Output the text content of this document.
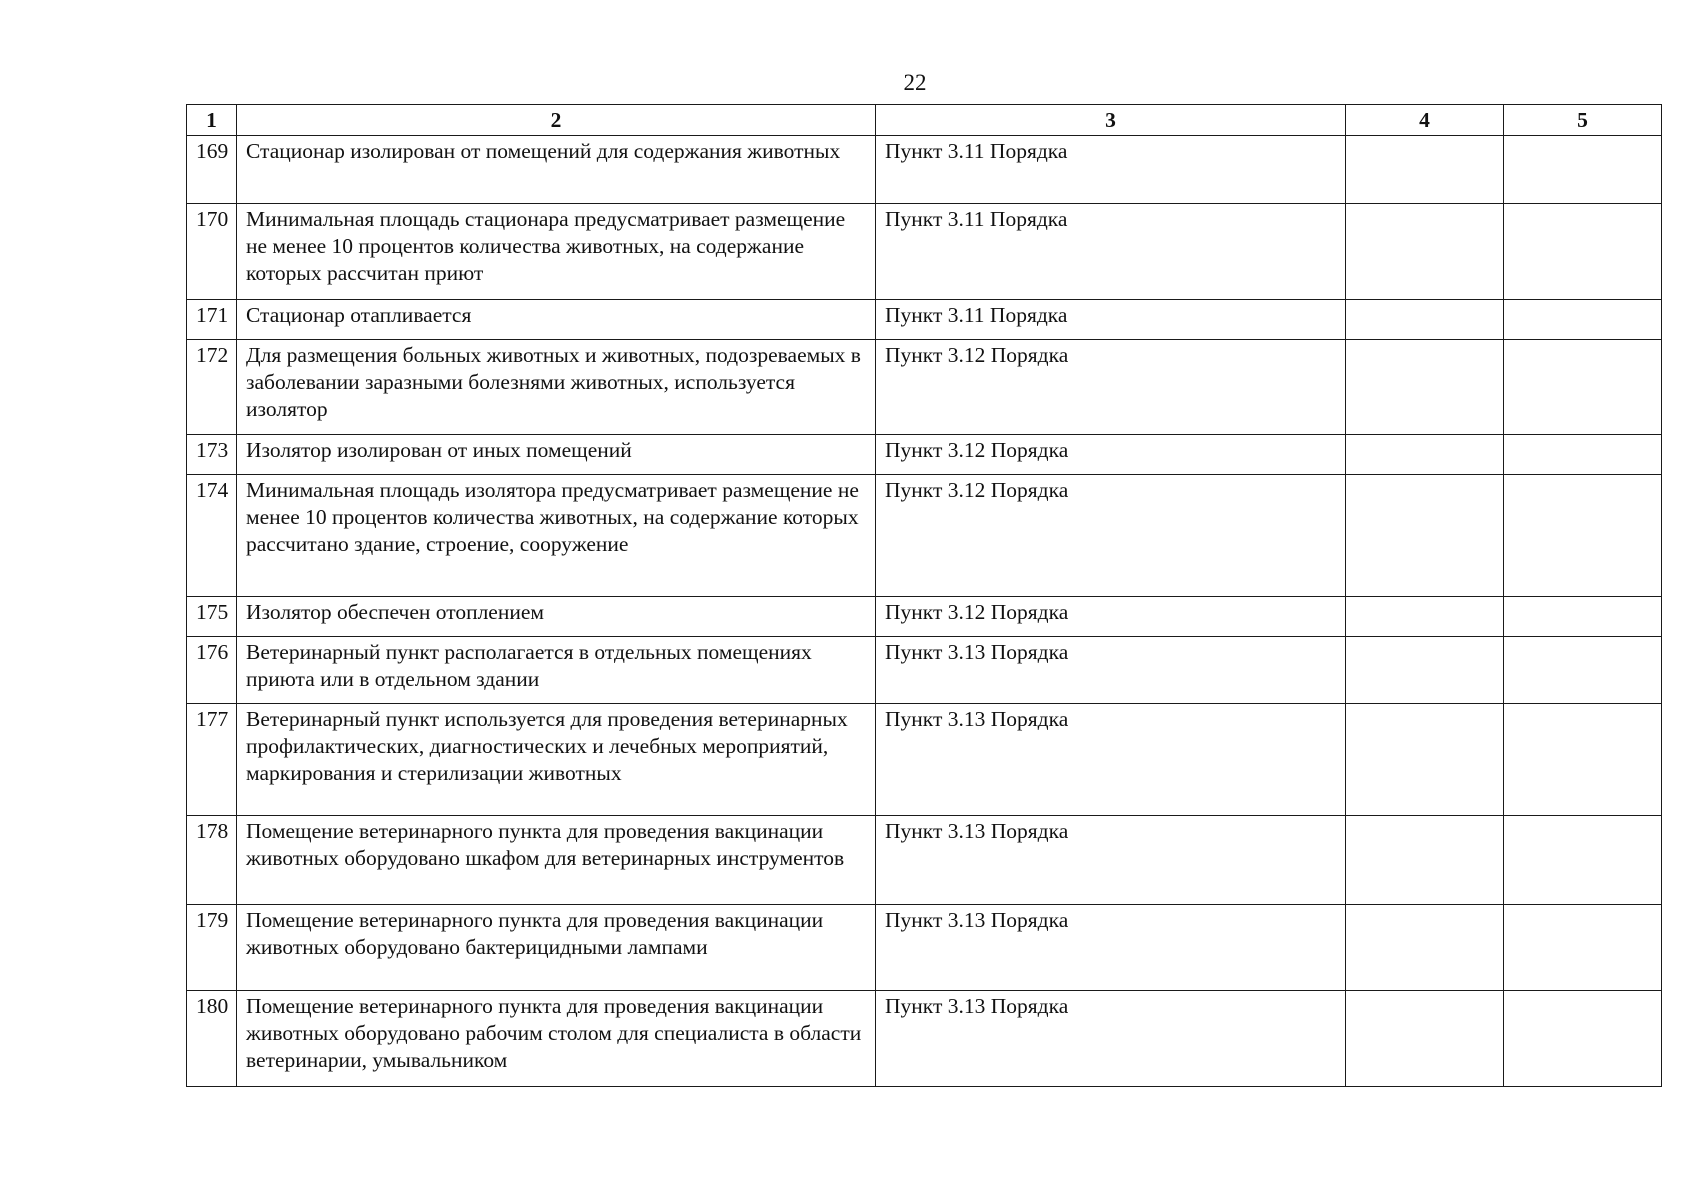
22
1	2	3	4	5
169	Стационар изолирован от помещений для содержания животных	Пункт 3.11 Порядка		
170	Минимальная площадь стационара предусматривает размещение не менее 10 процентов количества животных, на содержание которых рассчитан приют	Пункт 3.11 Порядка		
171	Стационар отапливается	Пункт 3.11 Порядка		
172	Для размещения больных животных и животных, подозреваемых в заболевании заразными болезнями животных, используется изолятор	Пункт 3.12 Порядка		
173	Изолятор изолирован от иных помещений	Пункт 3.12 Порядка		
174	Минимальная площадь изолятора предусматривает размещение не менее 10 процентов количества животных, на содержание которых рассчитано здание, строение, сооружение	Пункт 3.12 Порядка		
175	Изолятор обеспечен отоплением	Пункт 3.12 Порядка		
176	Ветеринарный пункт располагается в отдельных помещениях приюта или в отдельном здании	Пункт 3.13 Порядка		
177	Ветеринарный пункт используется для проведения ветеринарных профилактических, диагностических и лечебных мероприятий, маркирования и стерилизации животных	Пункт 3.13 Порядка		
178	Помещение ветеринарного пункта для проведения вакцинации животных оборудовано шкафом для ветеринарных инструментов	Пункт 3.13 Порядка		
179	Помещение ветеринарного пункта для проведения вакцинации животных оборудовано бактерицидными лампами	Пункт 3.13 Порядка		
180	Помещение ветеринарного пункта для проведения вакцинации животных оборудовано рабочим столом для специалиста в области ветеринарии, умывальником	Пункт 3.13 Порядка		
